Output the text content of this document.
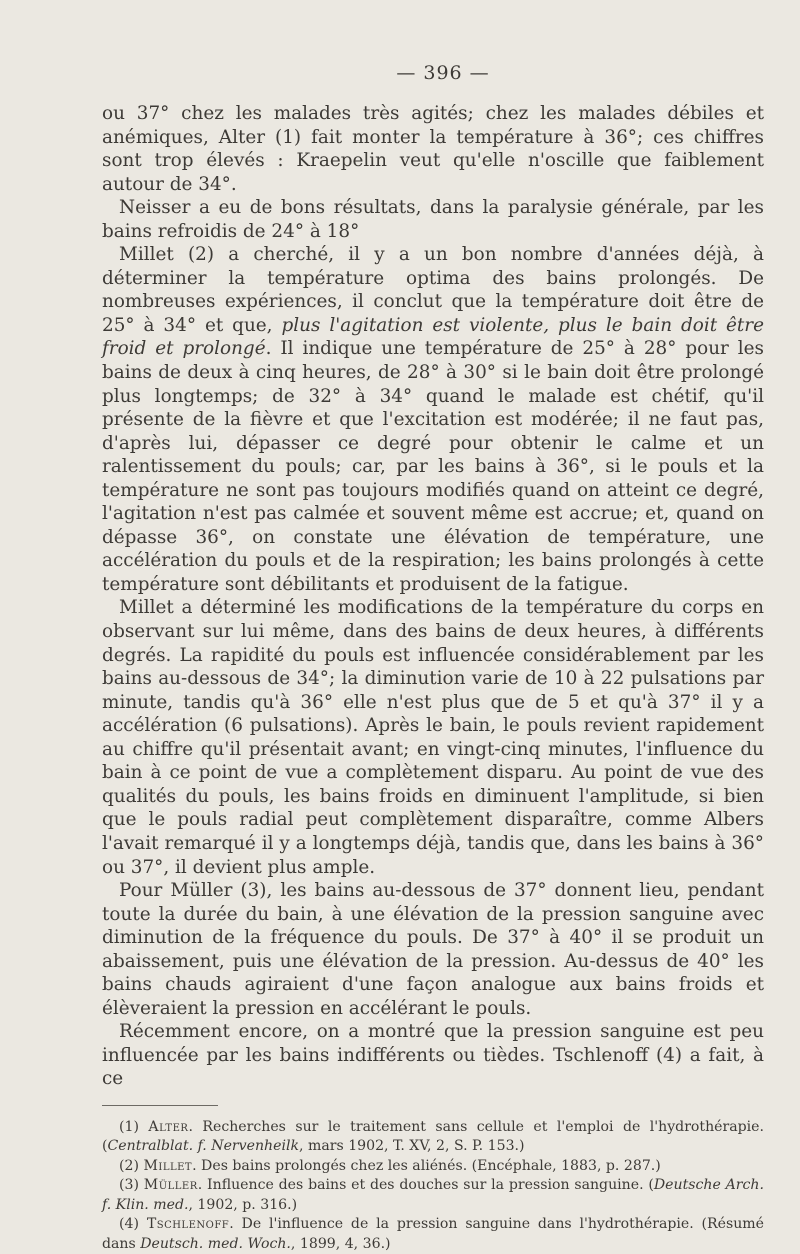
— 396 —

ou 37° chez les malades très agités; chez les malades débiles et anémiques, Alter (1) fait monter la température à 36°; ces chiffres sont trop élevés : Kraepelin veut qu'elle n'oscille que faiblement autour de 34°.

Neisser a eu de bons résultats, dans la paralysie générale, par les bains refroidis de 24° à 18°

Millet (2) a cherché, il y a un bon nombre d'années déjà, à déterminer la température optima des bains prolongés. De nombreuses expériences, il conclut que la température doit être de 25° à 34° et que, plus l'agitation est violente, plus le bain doit être froid et prolongé. Il indique une température de 25° à 28° pour les bains de deux à cinq heures, de 28° à 30° si le bain doit être prolongé plus longtemps; de 32° à 34° quand le malade est chétif, qu'il présente de la fièvre et que l'excitation est modérée; il ne faut pas, d'après lui, dépasser ce degré pour obtenir le calme et un ralentissement du pouls; car, par les bains à 36°, si le pouls et la température ne sont pas toujours modifiés quand on atteint ce degré, l'agitation n'est pas calmée et souvent même est accrue; et, quand on dépasse 36°, on constate une élévation de température, une accélération du pouls et de la respiration; les bains prolongés à cette température sont débilitants et produisent de la fatigue.

Millet a déterminé les modifications de la température du corps en observant sur lui même, dans des bains de deux heures, à différents degrés. La rapidité du pouls est influencée considérablement par les bains au-dessous de 34°; la diminution varie de 10 à 22 pulsations par minute, tandis qu'à 36° elle n'est plus que de 5 et qu'à 37° il y a accélération (6 pulsations). Après le bain, le pouls revient rapidement au chiffre qu'il présentait avant; en vingt-cinq minutes, l'influence du bain à ce point de vue a complètement disparu. Au point de vue des qualités du pouls, les bains froids en diminuent l'amplitude, si bien que le pouls radial peut complètement disparaître, comme Albers l'avait remarqué il y a longtemps déjà, tandis que, dans les bains à 36° ou 37°, il devient plus ample.

Pour Müller (3), les bains au-dessous de 37° donnent lieu, pendant toute la durée du bain, à une élévation de la pression sanguine avec diminution de la fréquence du pouls. De 37° à 40° il se produit un abaissement, puis une élévation de la pression. Au-dessus de 40° les bains chauds agiraient d'une façon analogue aux bains froids et élèveraient la pression en accélérant le pouls.

Récemment encore, on a montré que la pression sanguine est peu influencée par les bains indifférents ou tièdes. Tschlenoff (4) a fait, à ce

(1) Alter. Recherches sur le traitement sans cellule et l'emploi de l'hydrothérapie. (Centralblat. f. Nervenheilk, mars 1902, T. XV, 2, S. P. 153.)

(2) Millet. Des bains prolongés chez les aliénés. (Encéphale, 1883, p. 287.)

(3) Müller. Influence des bains et des douches sur la pression sanguine. (Deutsche Arch. f. Klin. med., 1902, p. 316.)

(4) Tschlenoff. De l'influence de la pression sanguine dans l'hydrothérapie. (Résumé dans Deutsch. med. Woch., 1899, 4, 36.)
